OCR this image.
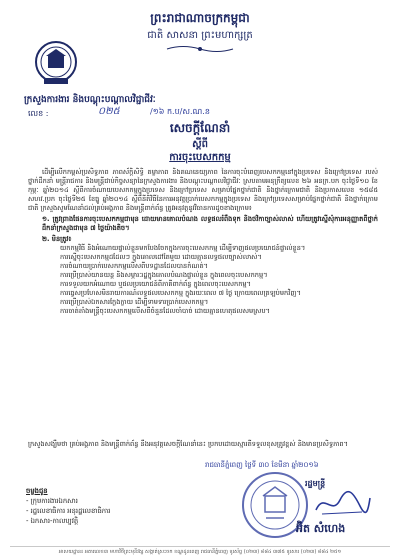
ព្រះរាជាណាចក្រកម្ពុជា
ជាតិ សាសនា ព្រះមហាក្សត្រ
ក្រសួងការងារ និងបណ្តុះបណ្តាលវិជ្ជាជីវៈ
លេខ :	០២៥	/១៦ ក.ប/ស.ណ.ន
សេចក្តីណែនាំ
ស្តីពី
ការចុះបេសកកម្ម

ដើម្បីលើកកម្ពស់ប្រសិទ្ធភាព ភាពស័ក្តិសិទ្ធិ តម្លាភាព និងគណនេយ្យភាព នៃការចុះបំពេញបេសកកម្មនៅក្នុងប្រទេស និងក្រៅប្រទេស របស់ថ្នាក់ដឹកនាំ មន្ត្រីរាជការ និងមន្ត្រីជាប់កិច្ចសន្យានៃក្រសួងការងារ និងបណ្តុះបណ្តាលវិជ្ជាជីវៈ ស្របតាមអនុក្រឹត្យលេខ ២៦ អនក្រ.បក ចុះថ្ងៃទី១០ ខែកុម្ភៈ ឆ្នាំ២០១៤ ស្តីពីការចំណាយបេសកកម្មក្នុងប្រទេស និងក្រៅប្រទេស សម្រាប់ផ្នែកថ្នាក់ជាតិ និងថ្នាក់ក្រោមជាតិ និងប្រកាសលេខ ១៥៨៥ សហវ.ប្រក ចុះថ្ងៃទី២៥ ខែធ្នូ ឆ្នាំ២០១៤ ស្តីពីនីតិវិធីនៃការអនុវត្តប្រាក់បេសកកម្មក្នុងប្រទេស និងក្រៅប្រទេសសម្រាប់ផ្នែកថ្នាក់ជាតិ និងថ្នាក់ក្រោមជាតិ ក្រសួងសូមណែនាំដល់គ្រប់អង្គភាព និងមន្ត្រីពាក់ព័ន្ធ ត្រូវអនុវត្តនូវវិធានការដូចខាងក្រោម៖

១. ត្រូវព្រាងផែនការចុះបេសកកម្មជាមុន ដោយមានគោលបំណង លទ្ធផលរំពឹងទុក និងថវិកាច្បាស់លាស់ ហើយត្រូវស្នើសុំការអនុញ្ញាតពីថ្នាក់ដឹកនាំក្រសួងជាមុន ៧ ថ្ងៃយ៉ាងតិច។

២. មិនត្រូវ៖

យកកម្មវិធី និងអំណោយផ្ទាល់ខ្លួនមកបែងចែកក្នុងការចុះបេសកកម្ម ដើម្បីទាញផលប្រយោជន៍ផ្ទាល់ខ្លួន។

ការស្នើចុះបេសកកម្មដដែលៗ ក្នុងគោលដៅតែមួយ ដោយគ្មានលទ្ធផលច្បាស់លាស់។

ការចំណាយប្រាក់បេសកកម្មលើសពីបទដ្ឋានដែលបានកំណត់។

ការប្រើប្រាស់យានយន្ត និងសម្ភារៈរដ្ឋក្នុងគោលបំណងផ្ទាល់ខ្លួន ក្នុងពេលចុះបេសកកម្ម។

ការទទួលយកអំណោយ ឬផលប្រយោជន៍ពីភាគីពាក់ព័ន្ធ ក្នុងពេលចុះបេសកកម្ម។

ការធ្វេសប្រហែសមិនរាយការណ៍លទ្ធផលបេសកកម្ម ក្នុងរយៈពេល ៧ ថ្ងៃ ក្រោយពេលត្រឡប់មកវិញ។

ការប្រើប្រាស់ឯកសារក្លែងក្លាយ ដើម្បីទាមទារប្រាក់បេសកកម្ម។

ការចាត់តាំងមន្ត្រីចុះបេសកកម្មលើសពីចំនួនដែលចាំបាច់ ដោយគ្មានហេតុផលសមស្រប។

ក្រសួងសង្ឃឹមថា គ្រប់អង្គភាព និងមន្ត្រីពាក់ព័ន្ធ នឹងអនុវត្តសេចក្តីណែនាំនេះ ប្រកបដោយស្មារតីទទួលខុសត្រូវខ្ពស់ និងមានប្រសិទ្ធភាព។
រាជធានីភ្នំពេញ ថ្ងៃទី ៣០ ខែមីនា ឆ្នាំ២០១៦
ចម្លងជូន
- ក្រុមការងារឯកសារ
- រដ្ឋលេខាធិការ អនុរដ្ឋលេខាធិការ
- ឯកសារ-កាលប្បវត្តិ
រដ្ឋមន្ត្រី
អ៊ិត សំហេង
អាសយដ្ឋាន៖ អគារលេខ៣ មហាវិថីព្រះមុនីវង្ស សង្កាត់ស្រះចក ខណ្ឌដូនពេញ រាជធានីភ្នំពេញ ទូរស័ព្ទ (០២៣) ៨៨៤ ៣៧៥ ទូរសារ (០២៣) ៨៨៤ ២៥១
